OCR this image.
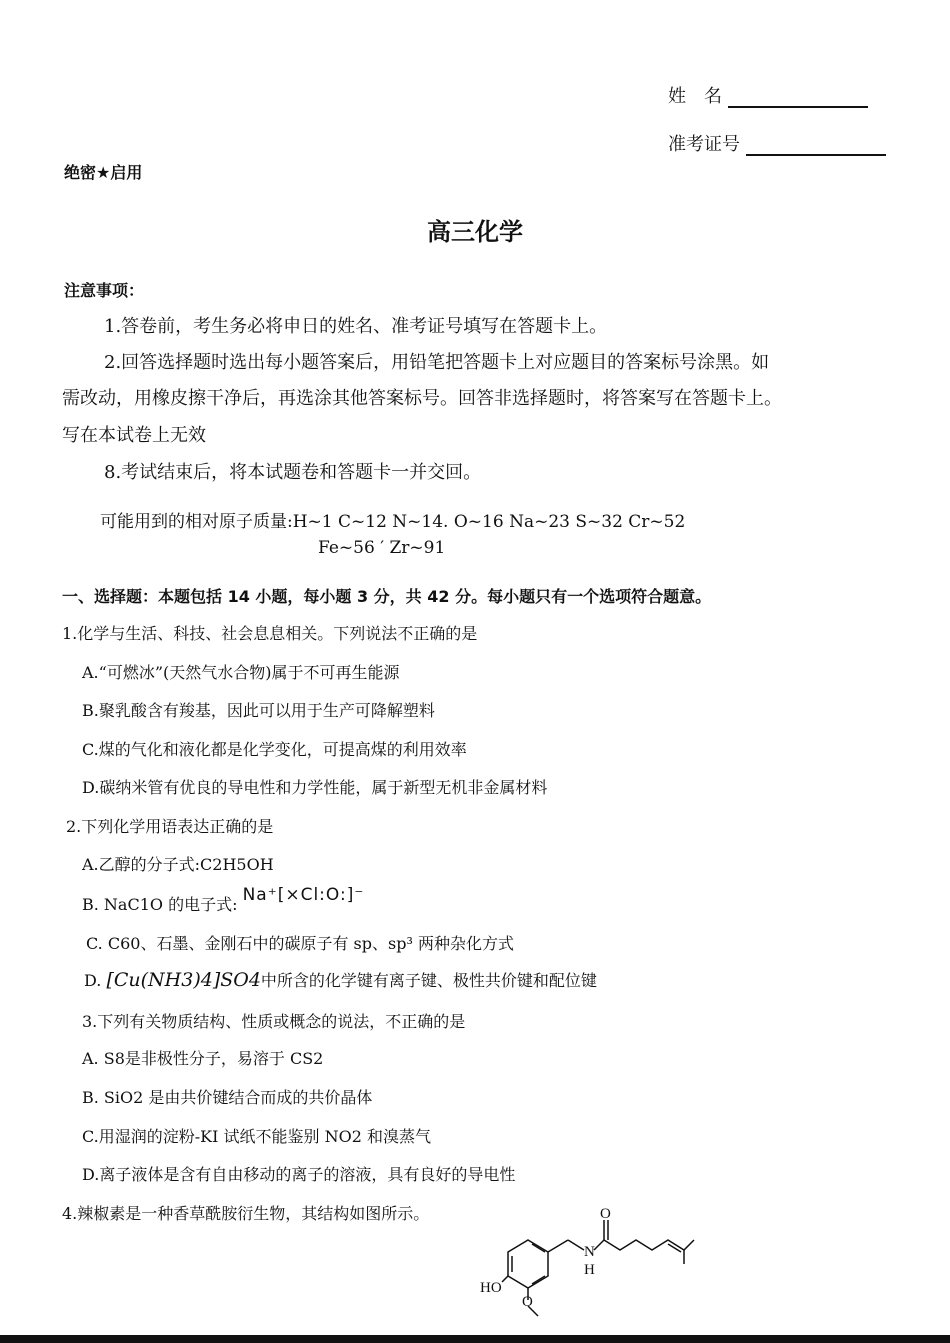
姓　名
准考证号
绝密★启用
高三化学
注意事项：
1.答卷前，考生务必将申日的姓名、准考证号填写在答题卡上。
2.回答选择题时选出每小题答案后，用铅笔把答题卡上对应题目的答案标号涂黑。如
需改动，用橡皮擦干净后，再选涂其他答案标号。回答非选择题时，将答案写在答题卡上。
写在本试卷上无效
8.考试结束后，将本试题卷和答题卡一并交回。
可能用到的相对原子质量:H~1 C~12 N~14. O~16 Na~23 S~32 Cr~52
Fe~56 ′ Zr~91
一、选择题：本题包括 14 小题，每小题 3 分，共 42 分。每小题只有一个选项符合题意。
1.化学与生活、科技、社会息息相关。下列说法不正确的是
A.“可燃冰”(天然气水合物)属于不可再生能源
B.聚乳酸含有羧基，因此可以用于生产可降解塑料
C.煤的气化和液化都是化学变化，可提高煤的利用效率
D.碳纳米管有优良的导电性和力学性能，属于新型无机非金属材料
2.下列化学用语表达正确的是
A.乙醇的分子式:C2H5OH
B. NaC1O 的电子式: Na⁺[×Cl:O:]⁻
C. C60、石墨、金刚石中的碳原子有 sp、sp³ 两种杂化方式
D. [Cu(NH3)4]SO4中所含的化学键有离子键、极性共价键和配位键
3.下列有关物质结构、性质或概念的说法，不正确的是
A. S8是非极性分子，易溶于 CS2
B. SiO2 是由共价键结合而成的共价晶体
C.用湿润的淀粉-KI 试纸不能鉴别 NO2 和溴蒸气
D.离子液体是含有自由移动的离子的溶液，具有良好的导电性
4.辣椒素是一种香草酰胺衍生物，其结构如图所示。	O
N
H
HO
O
